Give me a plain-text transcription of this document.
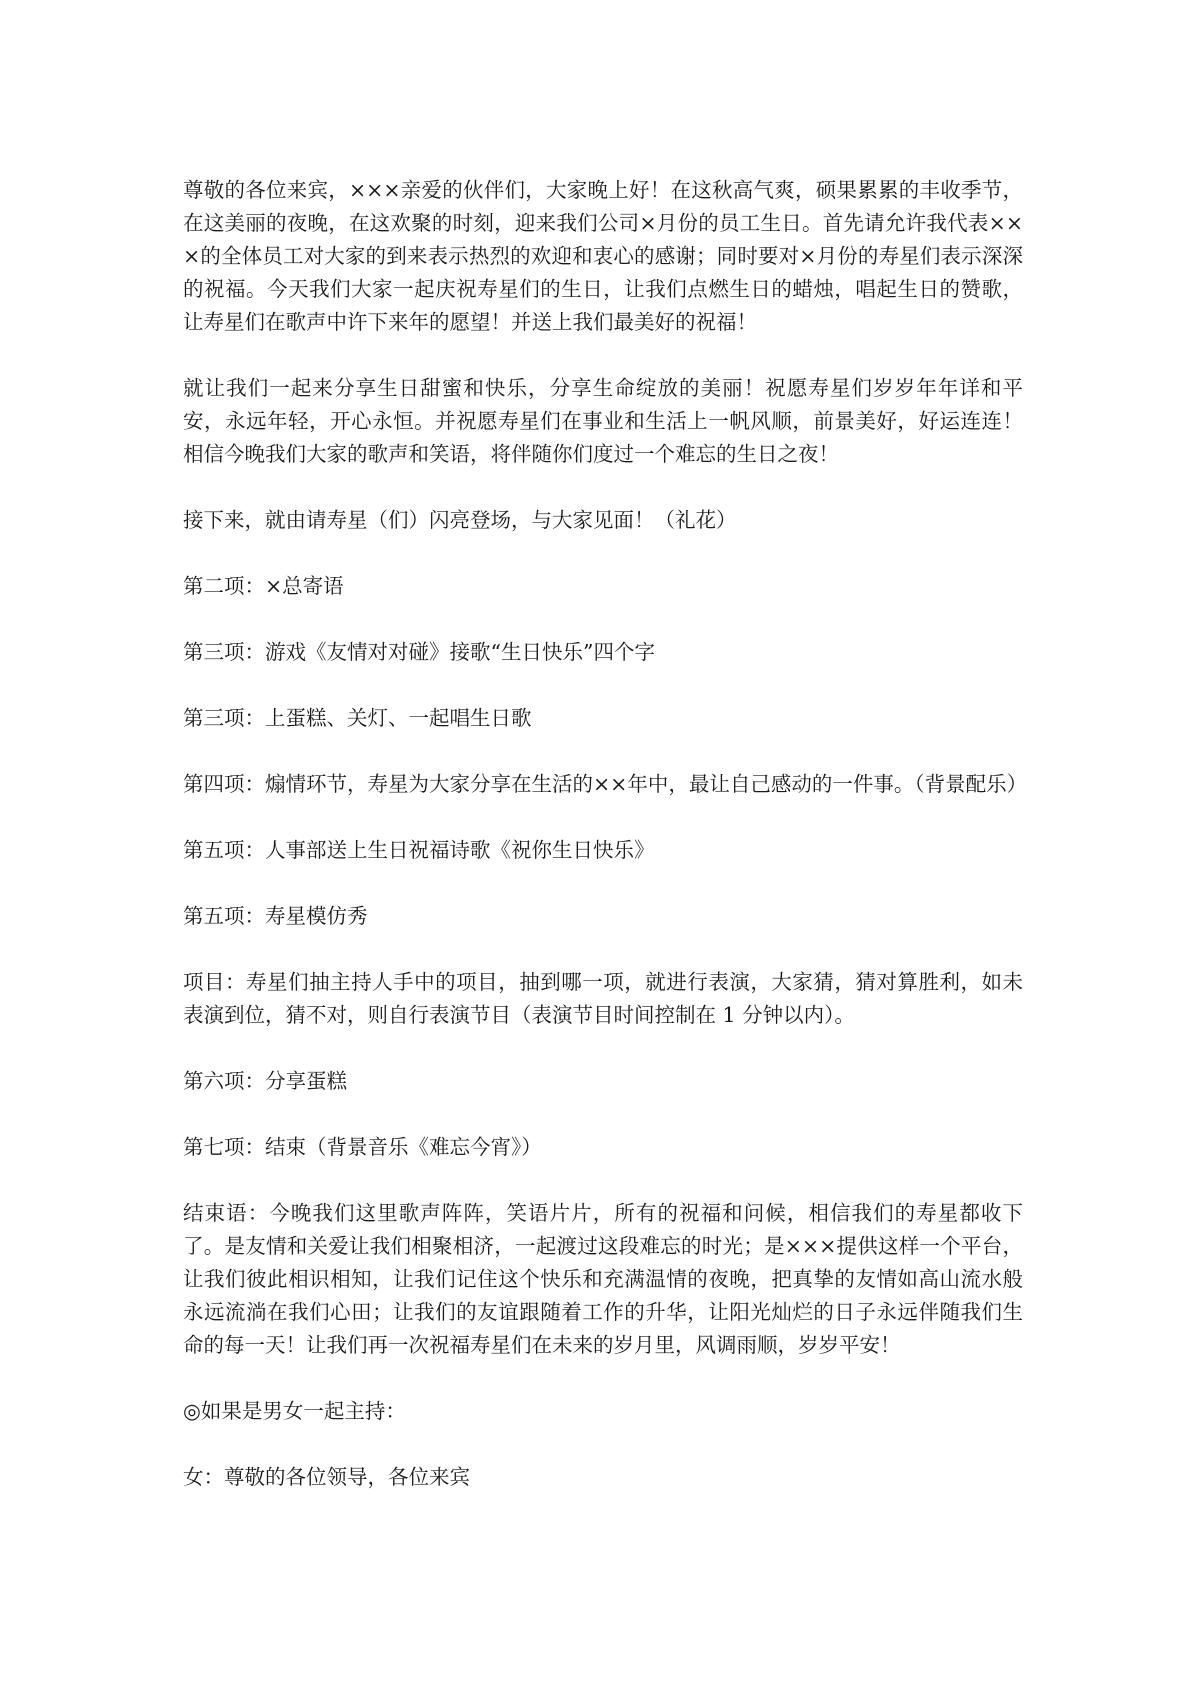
尊敬的各位来宾，×××亲爱的伙伴们，大家晚上好！在这秋高气爽，硕果累累的丰收季节，在这美丽的夜晚，在这欢聚的时刻，迎来我们公司×月份的员工生日。首先请允许我代表×××的全体员工对大家的到来表示热烈的欢迎和衷心的感谢；同时要对×月份的寿星们表示深深的祝福。今天我们大家一起庆祝寿星们的生日，让我们点燃生日的蜡烛，唱起生日的赞歌，让寿星们在歌声中许下来年的愿望！并送上我们最美好的祝福！

就让我们一起来分享生日甜蜜和快乐，分享生命绽放的美丽！祝愿寿星们岁岁年年详和平安，永远年轻，开心永恒。并祝愿寿星们在事业和生活上一帆风顺，前景美好，好运连连！相信今晚我们大家的歌声和笑语，将伴随你们度过一个难忘的生日之夜！

接下来，就由请寿星（们）闪亮登场，与大家见面！（礼花）

第二项：×总寄语

第三项：游戏《友情对对碰》接歌“生日快乐”四个字

第三项：上蛋糕、关灯、一起唱生日歌

第四项：煽情环节，寿星为大家分享在生活的××年中，最让自己感动的一件事。（背景配乐）

第五项：人事部送上生日祝福诗歌《祝你生日快乐》

第五项：寿星模仿秀

项目：寿星们抽主持人手中的项目，抽到哪一项，就进行表演，大家猜，猜对算胜利，如未表演到位，猜不对，则自行表演节目（表演节目时间控制在 1 分钟以内）。

第六项：分享蛋糕

第七项：结束（背景音乐《难忘今宵》）

结束语：今晚我们这里歌声阵阵，笑语片片，所有的祝福和问候，相信我们的寿星都收下了。是友情和关爱让我们相聚相济，一起渡过这段难忘的时光；是×××提供这样一个平台，让我们彼此相识相知，让我们记住这个快乐和充满温情的夜晚，把真挚的友情如高山流水般永远流淌在我们心田；让我们的友谊跟随着工作的升华，让阳光灿烂的日子永远伴随我们生命的每一天！让我们再一次祝福寿星们在未来的岁月里，风调雨顺，岁岁平安！

◎如果是男女一起主持：

女：尊敬的各位领导，各位来宾
